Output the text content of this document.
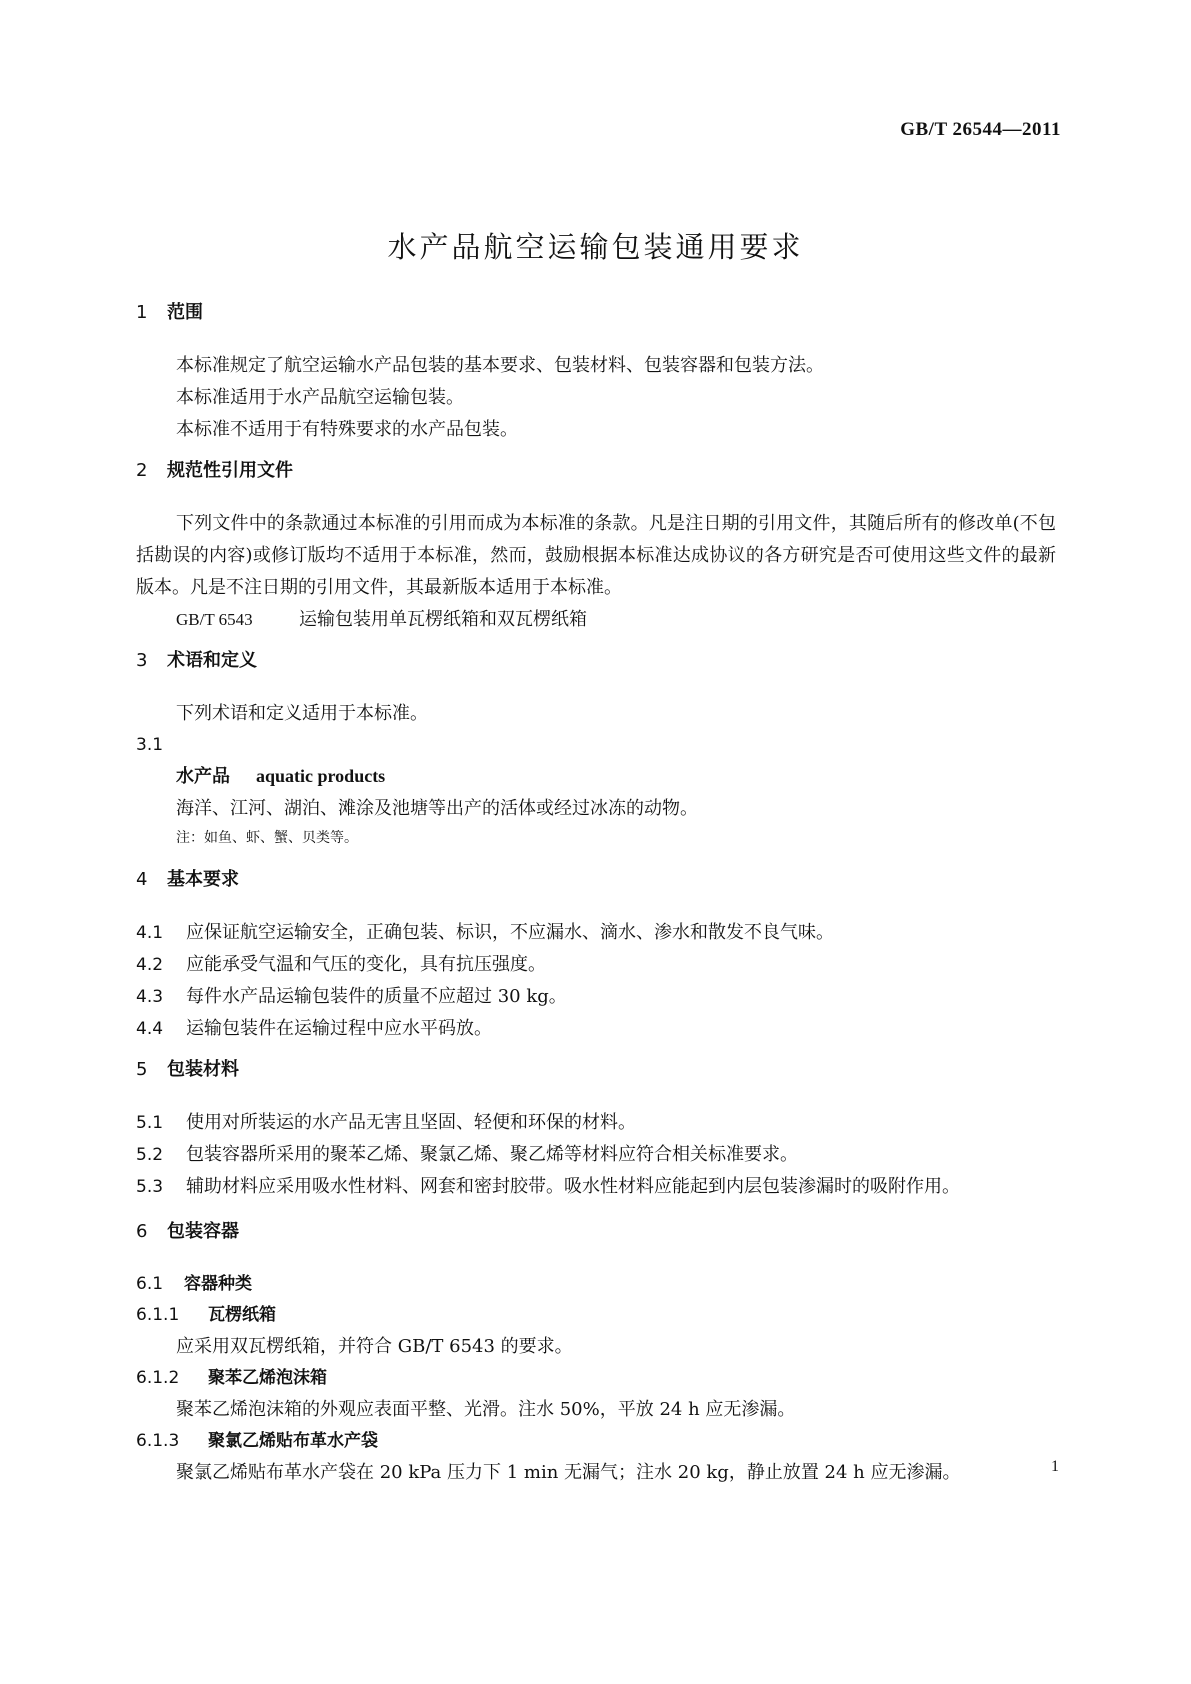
GB/T 26544—2011
水产品航空运输包装通用要求
1 范围

本标准规定了航空运输水产品包装的基本要求、包装材料、包装容器和包装方法。

本标准适用于水产品航空运输包装。

本标准不适用于有特殊要求的水产品包装。

2 规范性引用文件

下列文件中的条款通过本标准的引用而成为本标准的条款。凡是注日期的引用文件，其随后所有的修改单(不包括勘误的内容)或修订版均不适用于本标准，然而，鼓励根据本标准达成协议的各方研究是否可使用这些文件的最新版本。凡是不注日期的引用文件，其最新版本适用于本标准。

GB/T 6543	运输包装用单瓦楞纸箱和双瓦楞纸箱
3 术语和定义

下列术语和定义适用于本标准。

3.1
水产品 aquatic products
海洋、江河、湖泊、滩涂及池塘等出产的活体或经过冰冻的动物。
注：如鱼、虾、蟹、贝类等。
4 基本要求

4.1 应保证航空运输安全，正确包装、标识，不应漏水、滴水、渗水和散发不良气味。

4.2 应能承受气温和气压的变化，具有抗压强度。

4.3 每件水产品运输包装件的质量不应超过 30 kg。

4.4 运输包装件在运输过程中应水平码放。

5 包装材料

5.1 使用对所装运的水产品无害且坚固、轻便和环保的材料。

5.2 包装容器所采用的聚苯乙烯、聚氯乙烯、聚乙烯等材料应符合相关标准要求。

5.3 辅助材料应采用吸水性材料、网套和密封胶带。吸水性材料应能起到内层包装渗漏时的吸附作用。

6 包装容器
6.1 容器种类
6.1.1 瓦楞纸箱
应采用双瓦楞纸箱，并符合 GB/T 6543 的要求。
6.1.2 聚苯乙烯泡沫箱
聚苯乙烯泡沫箱的外观应表面平整、光滑。注水 50%，平放 24 h 应无渗漏。
6.1.3 聚氯乙烯贴布革水产袋
聚氯乙烯贴布革水产袋在 20 kPa 压力下 1 min 无漏气；注水 20 kg，静止放置 24 h 应无渗漏。	1
